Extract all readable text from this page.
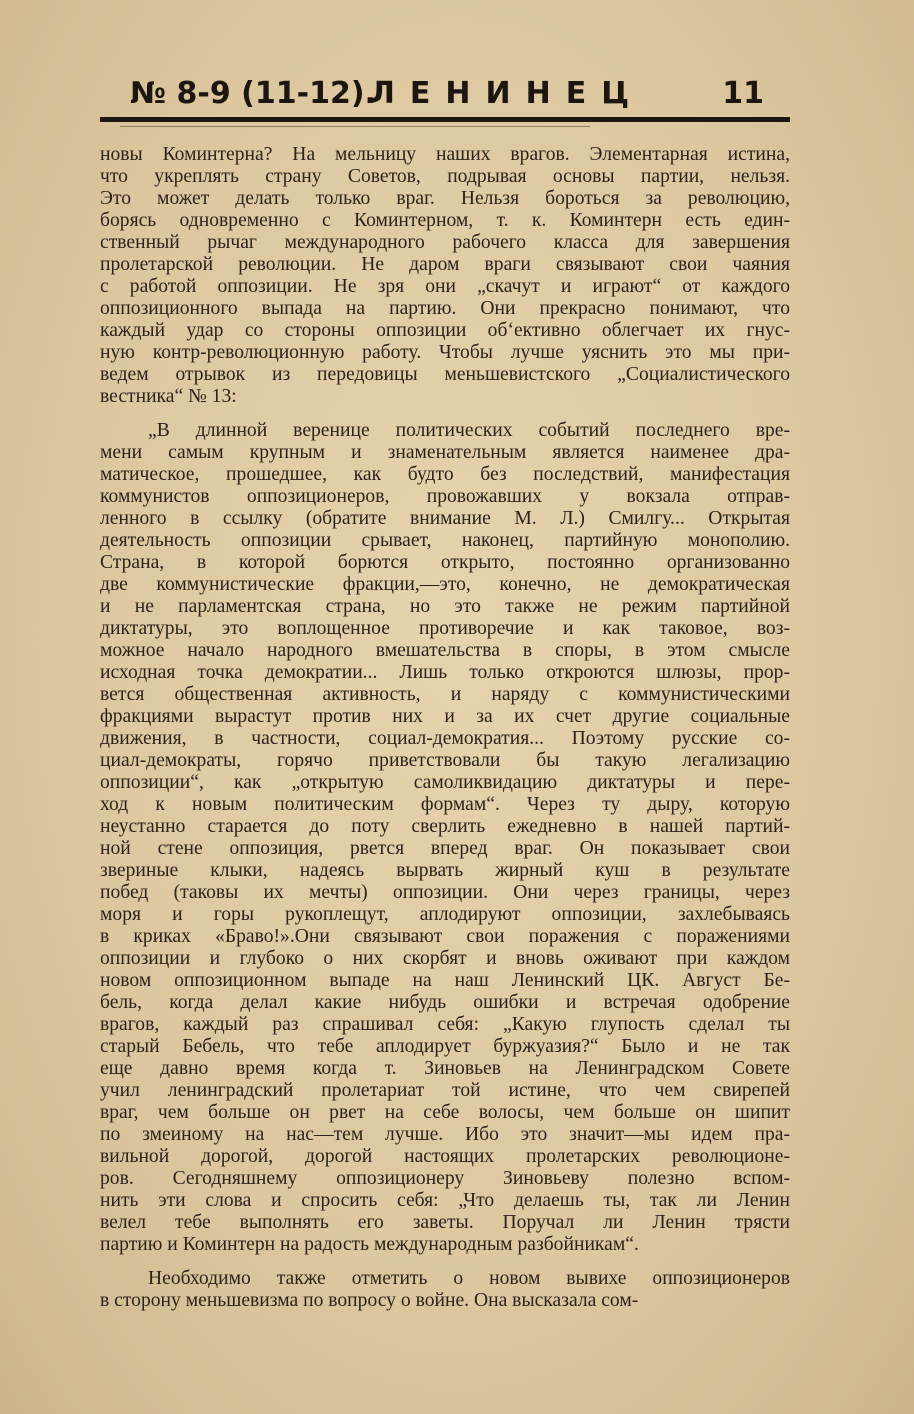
№ 8-9 (11-12).
ЛЕНИНЕЦ	11
новы Коминтерна? На мельницу наших врагов. Элементарная истина,
что укреплять страну Советов, подрывая основы партии, нельзя.
Это может делать только враг. Нельзя бороться за революцию,
борясь одновременно с Коминтерном, т. к. Коминтерн есть един-
ственный рычаг международного рабочего класса для завершения
пролетарской революции. Не даром враги связывают свои чаяния
с работой оппозиции. Не зря они „скачут и играют“ от каждого
оппозиционного выпада на партию. Они прекрасно понимают, что
каждый удар со стороны оппозиции об‘ективно облегчает их гнус-
ную контр-революционную работу. Чтобы лучше уяснить это мы при-
ведем отрывок из передовицы меньшевистского „Социалистического
вестника“ № 13:
„В длинной веренице политических событий последнего вре-
мени самым крупным и знаменательным является наименее дра-
матическое, прошедшее, как будто без последствий, манифестация
коммунистов оппозиционеров, провожавших у вокзала отправ-
ленного в ссылку (обратите внимание М. Л.) Смилгу... Открытая
деятельность оппозиции срывает, наконец, партийную монополию.
Страна, в которой борются открыто, постоянно организованно
две коммунистические фракции,—это, конечно, не демократическая
и не парламентская страна, но это также не режим партийной
диктатуры, это воплощенное противоречие и как таковое, воз-
можное начало народного вмешательства в споры, в этом смысле
исходная точка демократии... Лишь только откроются шлюзы, прор-
вется общественная активность, и наряду с коммунистическими
фракциями вырастут против них и за их счет другие социальные
движения, в частности, социал-демократия... Поэтому русские со-
циал-демократы, горячо приветствовали бы такую легализацию
оппозиции“, как „открытую самоликвидацию диктатуры и пере-
ход к новым политическим формам“. Через ту дыру, которую
неустанно старается до поту сверлить ежедневно в нашей партий-
ной стене оппозиция, рвется вперед враг. Он показывает свои
звериные клыки, надеясь вырвать жирный куш в результате
побед (таковы их мечты) оппозиции. Они через границы, через
моря и горы рукоплещут, аплодируют оппозиции, захлебываясь
в криках «Браво!».Они связывают свои поражения с поражениями
оппозиции и глубоко о них скорбят и вновь оживают при каждом
новом оппозиционном выпаде на наш Ленинский ЦК. Август Бе-
бель, когда делал какие нибудь ошибки и встречая одобрение
врагов, каждый раз спрашивал себя: „Какую глупость сделал ты
старый Бебель, что тебе аплодирует буржуазия?“ Было и не так
еще давно время когда т. Зиновьев на Ленинградском Совете
учил ленинградский пролетариат той истине, что чем свирепей
враг, чем больше он рвет на себе волосы, чем больше он шипит
по змеиному на нас—тем лучше. Ибо это значит—мы идем пра-
вильной дорогой, дорогой настоящих пролетарских революционе-
ров. Сегодняшнему оппозиционеру Зиновьеву полезно вспом-
нить эти слова и спросить себя: „Что делаешь ты, так ли Ленин
велел тебе выполнять его заветы. Поручал ли Ленин трясти
партию и Коминтерн на радость международным разбойникам“.
Необходимо также отметить о новом вывихе оппозиционеров
в сторону меньшевизма по вопросу о войне. Она высказала сом-
